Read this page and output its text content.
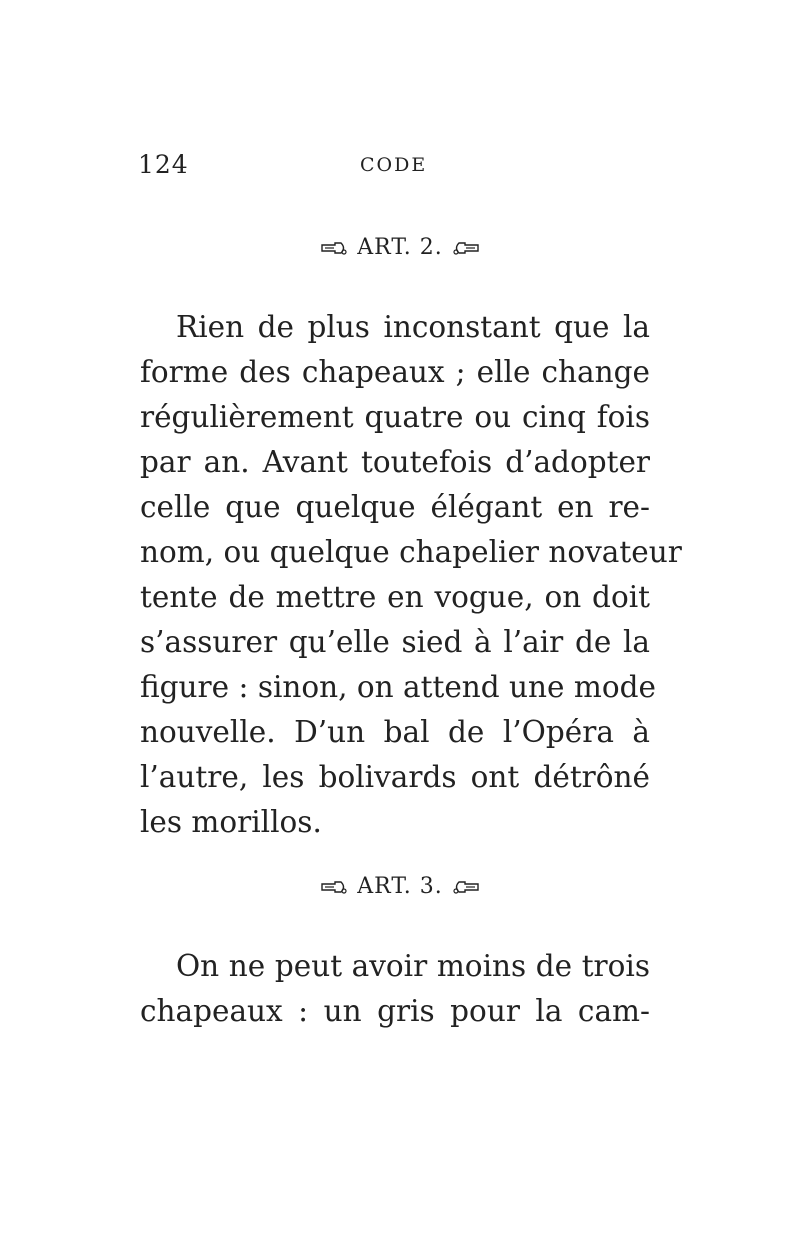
124	CODE
ART. 2.
Rien de plus inconstant que la
forme des chapeaux ; elle change
régulièrement quatre ou cinq fois
par an. Avant toutefois d’adopter
celle que quelque élégant en re-
nom, ou quelque chapelier novateur
tente de mettre en vogue, on doit
s’assurer qu’elle sied à l’air de la
figure : sinon, on attend une mode
nouvelle. D’un bal de l’Opéra à
l’autre, les bolivards ont détrôné
les morillos.
ART. 3.
On ne peut avoir moins de trois
chapeaux : un gris pour la cam-
